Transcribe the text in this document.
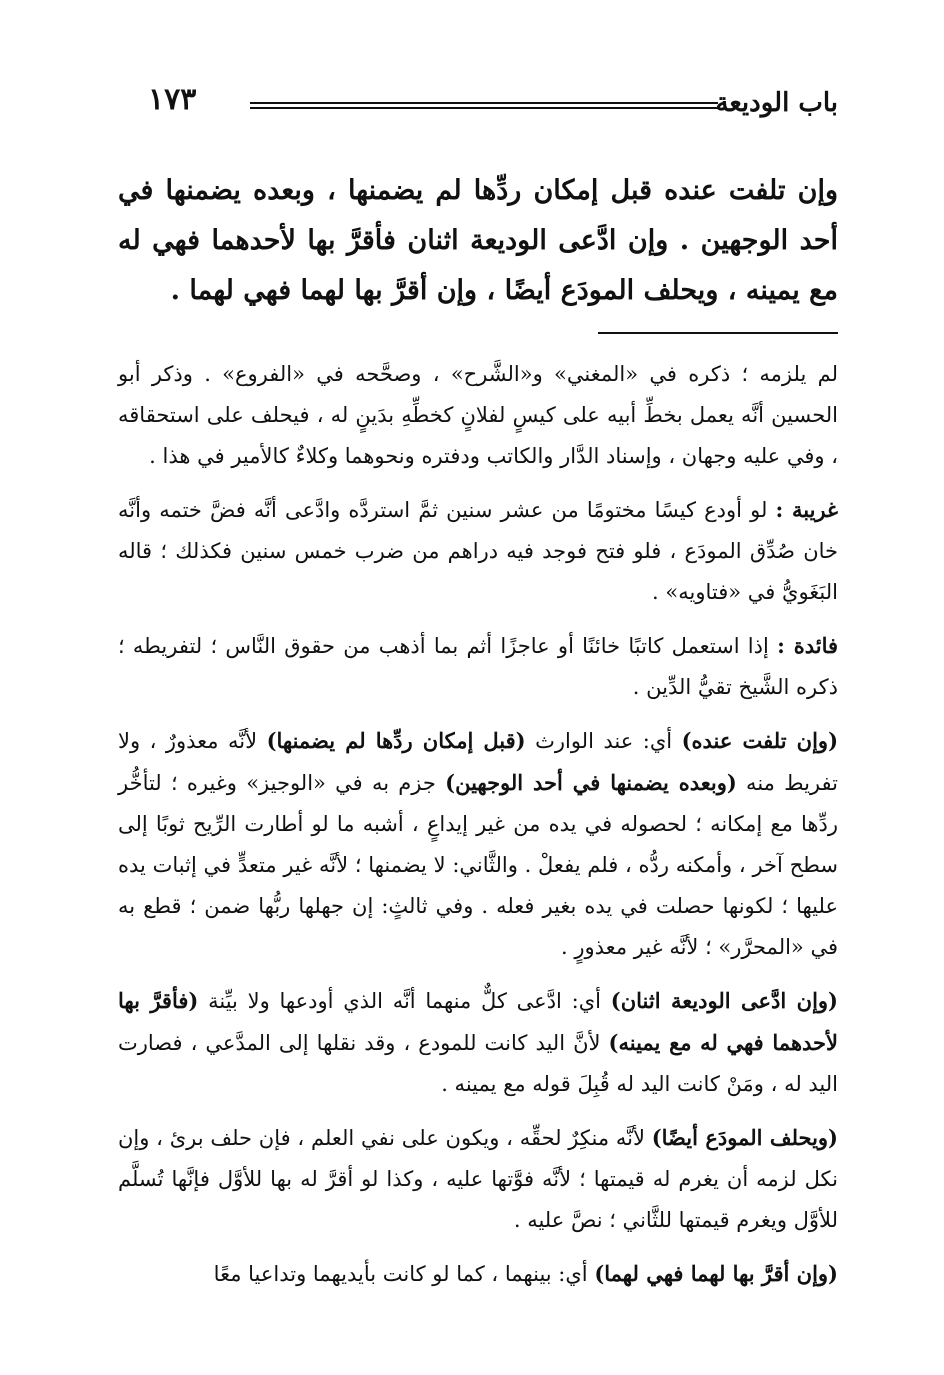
باب الوديعة
١٧٣
وإن تلفت عنده قبل إمكان ردِّها لم يضمنها ، وبعده يضمنها في أحد الوجهين . وإن ادَّعى الوديعة اثنان فأقرَّ بها لأحدهما فهي له مع يمينه ، ويحلف المودَع أيضًا ، وإن أقرَّ بها لهما فهي لهما .

لم يلزمه ؛ ذكره في «المغني» و«الشَّرح» ، وصحَّحه في «الفروع» . وذكر أبو الحسين أنَّه يعمل بخطِّ أبيه على كيسٍ لفلانٍ كخطِّهِ بدَينٍ له ، فيحلف على استحقاقه ، وفي عليه وجهان ، وإسناد الدَّار والكاتب ودفتره ونحوهما وكلاءٌ كالأمير في هذا .

غريبة : لو أودع كيسًا مختومًا من عشر سنين ثمَّ استردَّه وادَّعى أنَّه فضَّ ختمه وأنَّه خان صُدِّق المودَع ، فلو فتح فوجد فيه دراهم من ضرب خمس سنين فكذلك ؛ قاله البَغَويُّ في «فتاويه» .

فائدة : إذا استعمل كاتبًا خائنًا أو عاجزًا أثم بما أذهب من حقوق النَّاس ؛ لتفريطه ؛ ذكره الشَّيخ تقيُّ الدِّين .

(وإن تلفت عنده) أي: عند الوارث (قبل إمكان ردِّها لم يضمنها) لأنَّه معذورٌ ، ولا تفريط منه (وبعده يضمنها في أحد الوجهين) جزم به في «الوجيز» وغيره ؛ لتأخُّر ردِّها مع إمكانه ؛ لحصوله في يده من غير إيداعٍ ، أشبه ما لو أطارت الرِّيح ثوبًا إلى سطح آخر ، وأمكنه ردُّه ، فلم يفعلْ . والثَّاني: لا يضمنها ؛ لأنَّه غير متعدٍّ في إثبات يده عليها ؛ لكونها حصلت في يده بغير فعله . وفي ثالثٍ: إن جهلها ربُّها ضمن ؛ قطع به في «المحرَّر» ؛ لأنَّه غير معذورٍ .

(وإن ادَّعى الوديعة اثنان) أي: ادَّعى كلٌّ منهما أنَّه الذي أودعها ولا بيِّنة (فأقرَّ بها لأحدهما فهي له مع يمينه) لأنَّ اليد كانت للمودع ، وقد نقلها إلى المدَّعي ، فصارت اليد له ، ومَنْ كانت اليد له قُبِلَ قوله مع يمينه .

(ويحلف المودَع أيضًا) لأنَّه منكِرٌ لحقِّه ، ويكون على نفي العلم ، فإن حلف برئ ، وإن نكل لزمه أن يغرم له قيمتها ؛ لأنَّه فوَّتها عليه ، وكذا لو أقرَّ له بها للأوَّل فإنَّها تُسلَّم للأوَّل ويغرم قيمتها للثَّاني ؛ نصَّ عليه .

(وإن أقرَّ بها لهما فهي لهما) أي: بينهما ، كما لو كانت بأيديهما وتداعيا معًا
